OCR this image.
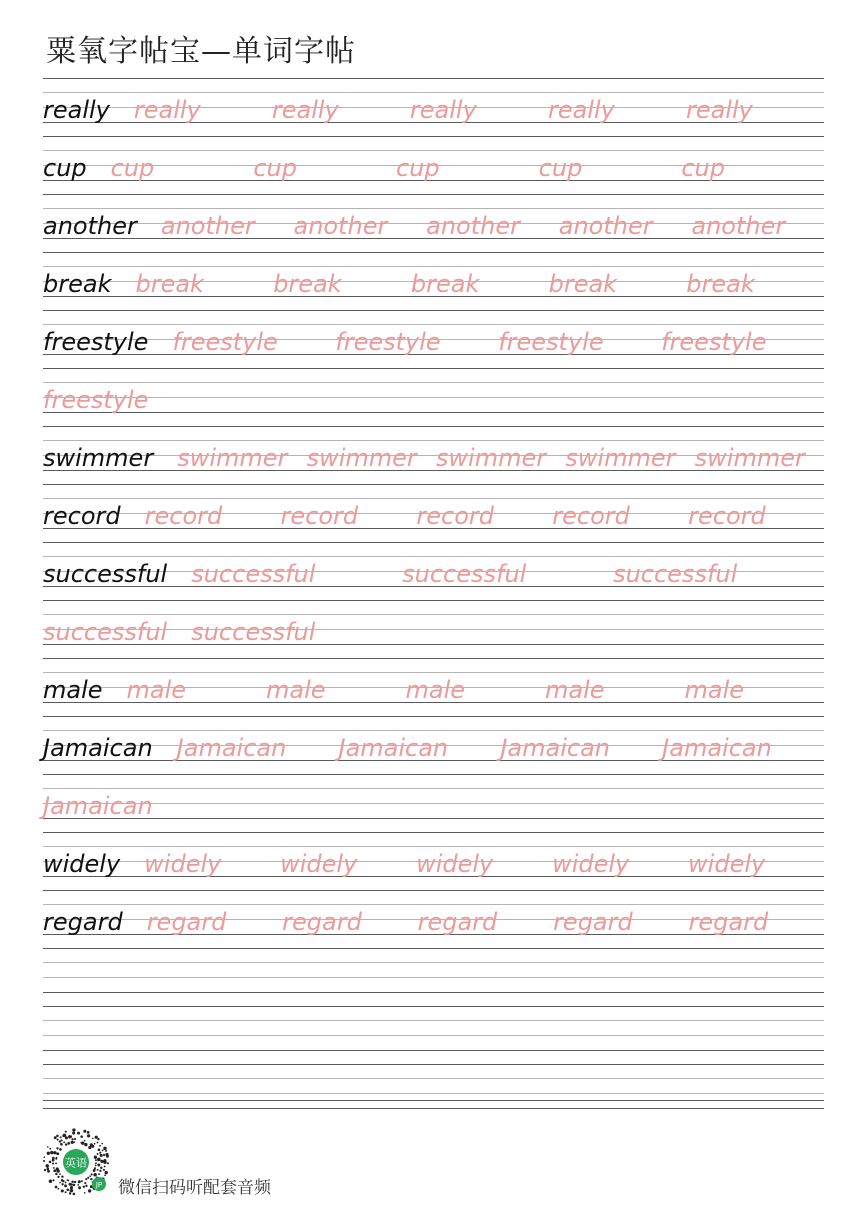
粟氧字帖宝—单词字帖
really really	really	really	really	really
cup cup	cup	cup	cup	cup
another another another another another another
break break	break	break	break	break
freestyle freestyle freestyle freestyle freestyle
freestyle
swimmer swimmer swimmer swimmer swimmer swimmer
record record record record record record
successful successful	successful	successful
successful successful
male male	male	male	male	male
Jamaican Jamaican Jamaican Jamaican Jamaican
Jamaican
widely widely widely widely widely widely
regard regard regard regard regard regard
英语
JP 微信扫码听配套音频
